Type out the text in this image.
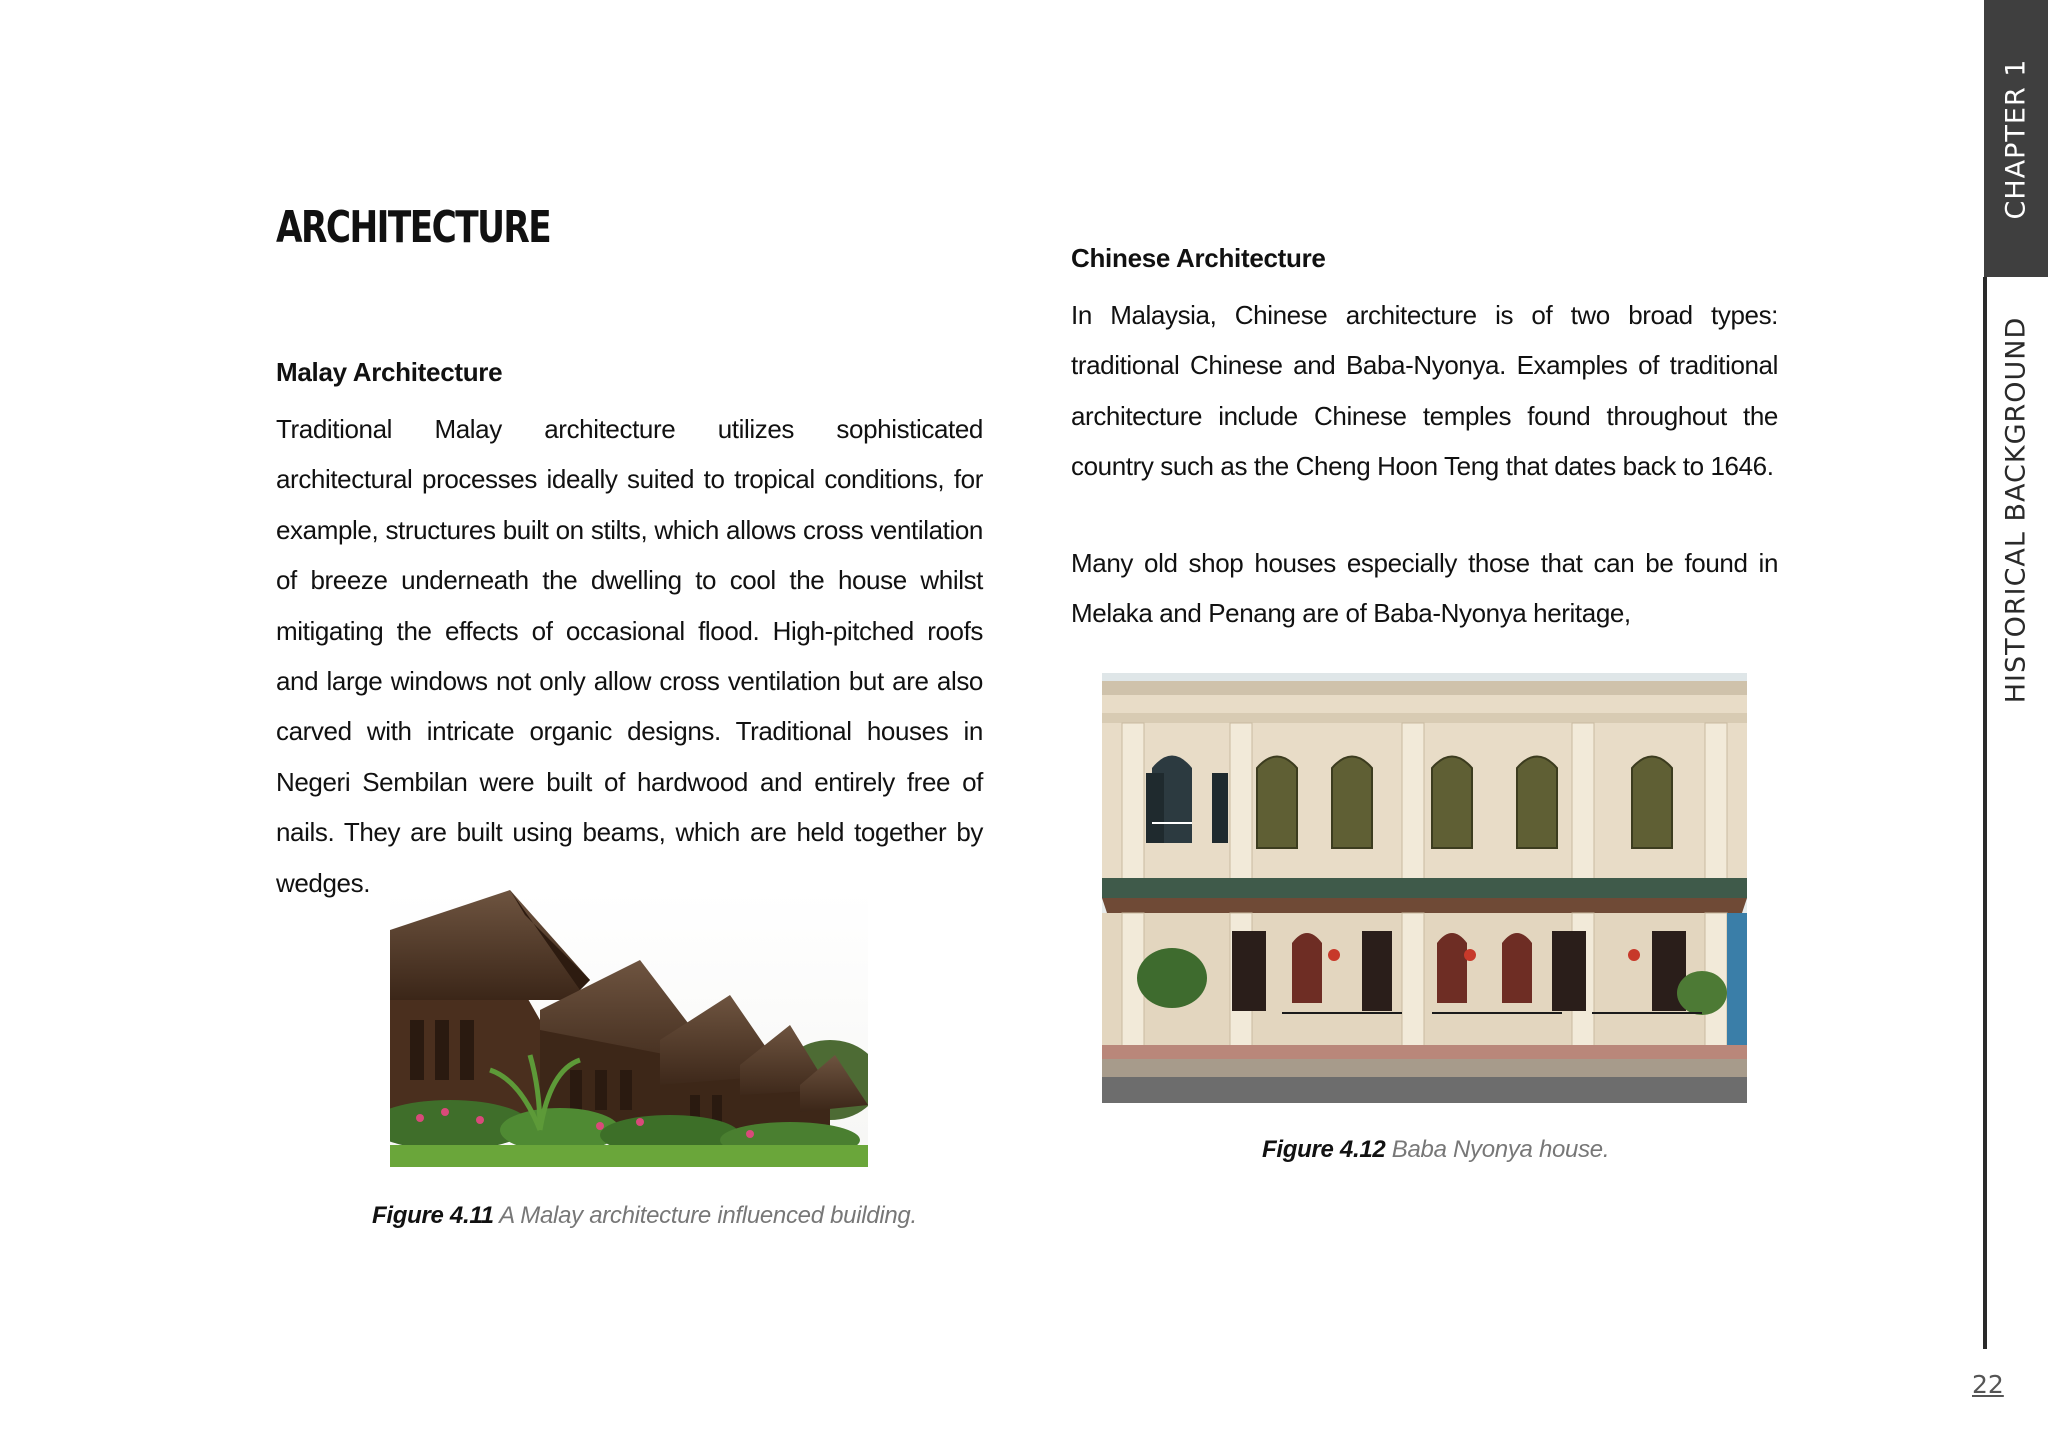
ARCHITECTURE
Malay Architecture

Traditional Malay architecture utilizes sophisticated architectural processes ideally suited to tropical conditions, for example, structures built on stilts, which allows cross ventilation of breeze underneath the dwelling to cool the house whilst mitigating the effects of occasional flood. High-pitched roofs and large windows not only allow cross ventilation but are also carved with intricate organic designs. Traditional houses in Negeri Sembilan were built of hardwood and entirely free of nails. They are built using beams, which are held together by wedges.

Figure 4.11 A Malay architecture influenced building.
Chinese Architecture

In Malaysia, Chinese architecture is of two broad types: traditional Chinese and Baba-Nyonya. Examples of traditional architecture include Chinese temples found throughout the country such as the Cheng Hoon Teng that dates back to 1646.

Many old shop houses especially those that can be found in Melaka and Penang are of Baba-Nyonya heritage,

Figure 4.12 Baba Nyonya house.
CHAPTER 1
HISTORICAL BACKGROUND
22
